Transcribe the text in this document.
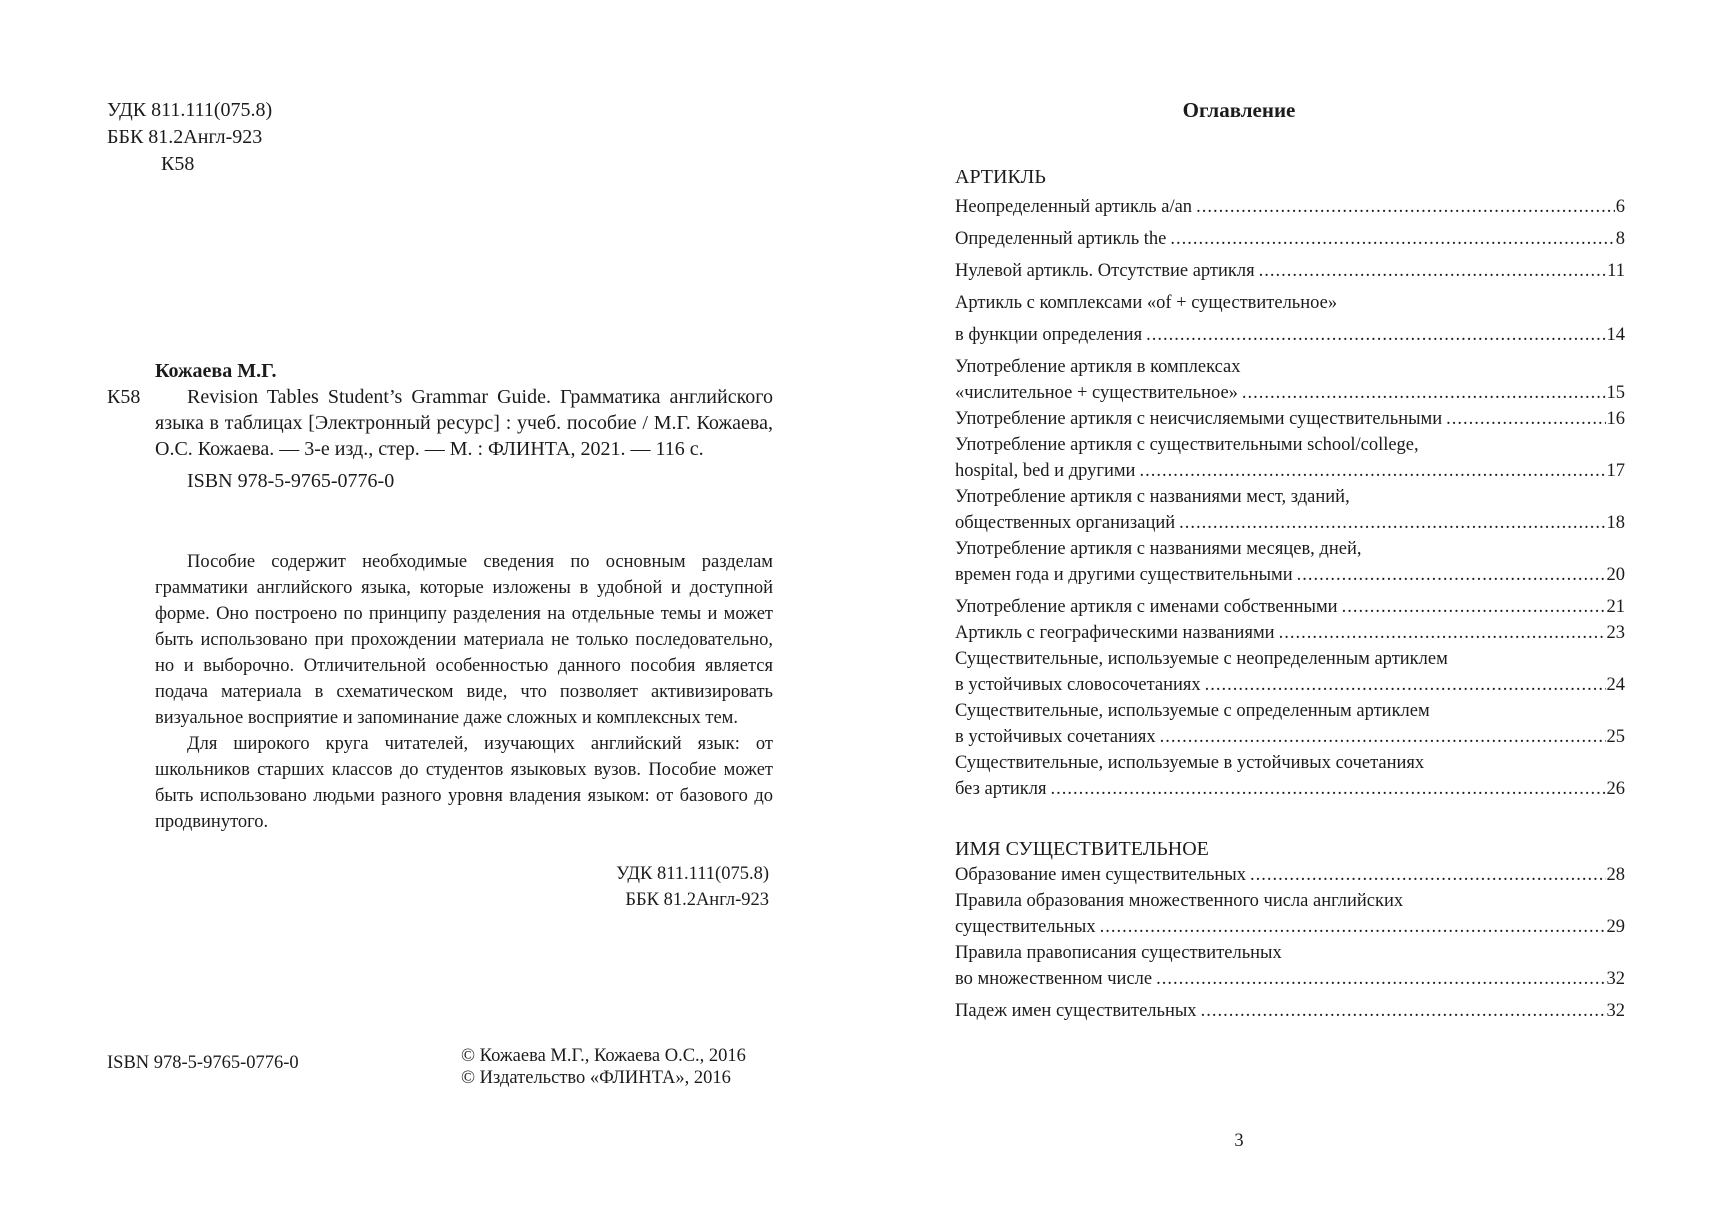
УДК 811.111(075.8)
ББК 81.2Англ-923
К58
Кожаева М.Г.
К58	Revision Tables Student’s Grammar Guide. Грамматика английского языка в таблицах [Электронный ресурс] : учеб. пособие / М.Г. Кожаева, О.С. Кожаева. — 3-е изд., стер. — М. : ФЛИНТА, 2021. — 116 с.
ISBN 978-5-9765-0776-0

Пособие содержит необходимые сведения по основным разделам грамматики английского языка, которые изложены в удобной и доступной форме. Оно построено по принципу разделения на отдельные темы и может быть использовано при прохождении материала не только последовательно, но и выборочно. Отличительной особенностью данного пособия является подача материала в схематическом виде, что позволяет активизировать визуальное восприятие и запоминание даже сложных и комплексных тем.

Для широкого круга читателей, изучающих английский язык: от школьников старших классов до студентов языковых вузов. Пособие может быть использовано людьми разного уровня владения языком: от базового до продвинутого.

УДК 811.111(075.8)
ББК 81.2Англ-923
ISBN 978-5-9765-0776-0	© Кожаева М.Г., Кожаева О.С., 2016
© Издательство «ФЛИНТА», 2016
Оглавление
АРТИКЛЬ
Неопределенный артикль a/an .....	6
Определенный артикль the .....	8
Нулевой артикль. Отсутствие артикля .....	11
Артикль с комплексами «of + существительное»
в функции определения .....	14
Употребление артикля в комплексах
«числительное + существительное» .....	15
Употребление артикля с неисчисляемыми существительными .....	16
Употребление артикля с существительными school/college,
hospital, bed и другими .....	17
Употребление артикля с названиями мест, зданий,
общественных организаций .....	18
Употребление артикля с названиями месяцев, дней,
времен года и другими существительными .....	20
Употребление артикля с именами собственными .....	21
Артикль с географическими названиями .....	23
Существительные, используемые с неопределенным артиклем
в устойчивых словосочетаниях .....	24
Существительные, используемые с определенным артиклем
в устойчивых сочетаниях .....	25
Существительные, используемые в устойчивых сочетаниях
без артикля .....	26
ИМЯ СУЩЕСТВИТЕЛЬНОЕ
Образование имен существительных .....	28
Правила образования множественного числа английских
существительных .....	29
Правила правописания существительных
во множественном числе .....	32
Падеж имен существительных .....	32
3
